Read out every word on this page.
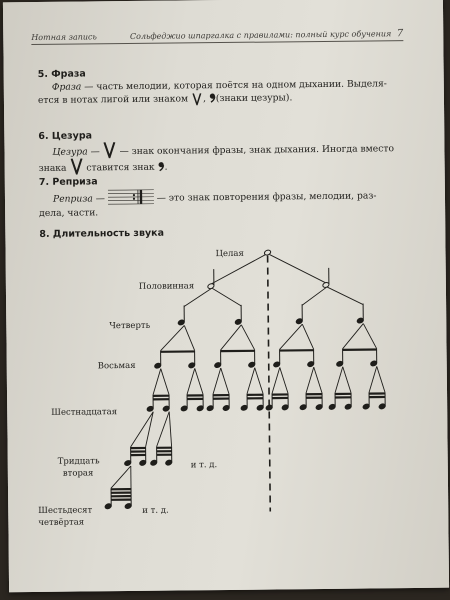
Нотная запись	Сольфеджио шпаргалка с правилами: полный курс обучения 7
5. Фраза
Фраза — часть мелодии, которая поётся на одном дыхании. Выделя-
ется в нотах лигой или знаком , (знаки цезуры).
6. Цезура
Цезура —  — знак окончания фразы, знак дыхания. Иногда вместо
знака ставится знак .
7. Реприза
Реприза —	— это знак повторения фразы, мелодии, раз-
дела, части.
8. Длительность звука
Целая
Половинная
Четверть
Восьмая
Шестнадцатая
Тридцать
вторая
Шестьдесят
четвёртая
и т. д.
и т. д.
